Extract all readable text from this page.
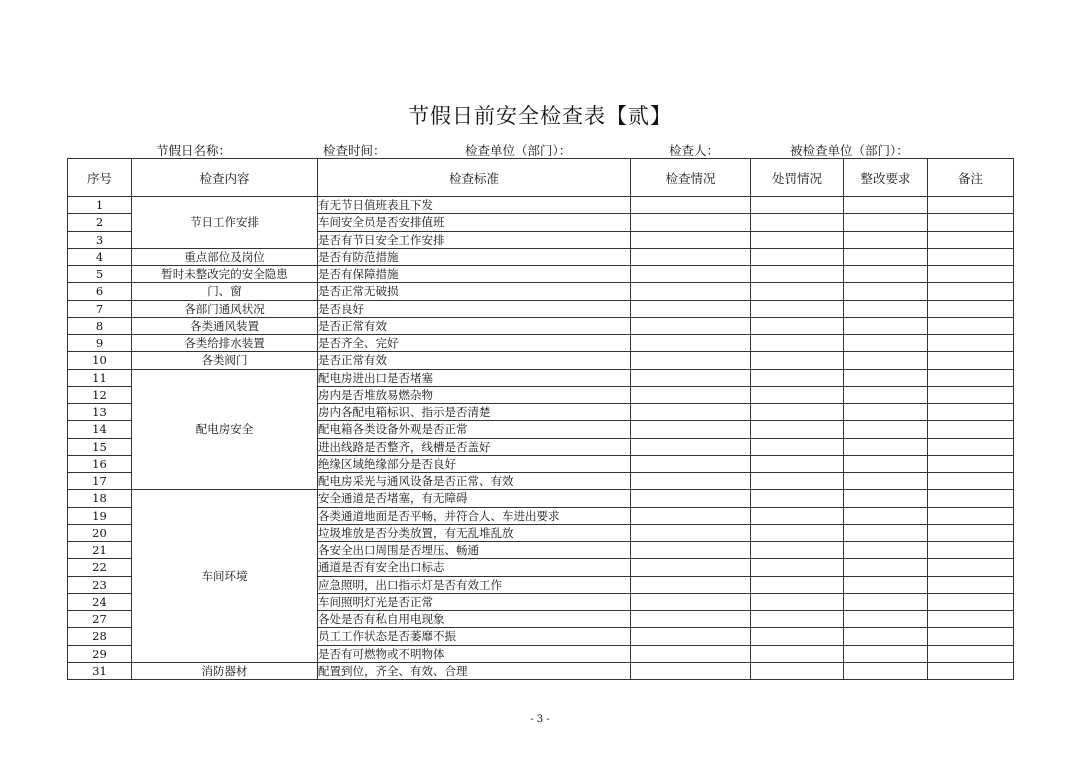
节假日前安全检查表【贰】
节假日名称：	检查时间：	检查单位（部门）：	检查人：	被检查单位（部门）：
序号	检查内容	检查标准	检查情况	处罚情况	整改要求	备注
1	节日工作安排	有无节日值班表且下发				
2		车间安全员是否安排值班				
3		是否有节日安全工作安排				
4	重点部位及岗位	是否有防范措施				
5	暂时未整改完的安全隐患	是否有保障措施				
6	门、窗	是否正常无破损				
7	各部门通风状况	是否良好				
8	各类通风装置	是否正常有效				
9	各类给排水装置	是否齐全、完好				
10	各类阀门	是否正常有效				
11	配电房安全	配电房进出口是否堵塞				
12		房内是否堆放易燃杂物				
13		房内各配电箱标识、指示是否清楚				
14		配电箱各类设备外观是否正常				
15		进出线路是否整齐，线槽是否盖好				
16		绝缘区域绝缘部分是否良好				
17		配电房采光与通风设备是否正常、有效				
18	车间环境	安全通道是否堵塞，有无障碍				
19		各类通道地面是否平畅，并符合人、车进出要求				
20		垃圾堆放是否分类放置，有无乱堆乱放				
21		各安全出口周围是否埋压、畅通				
22		通道是否有安全出口标志				
23		应急照明，出口指示灯是否有效工作				
24		车间照明灯光是否正常				
27		各处是否有私自用电现象				
28		员工工作状态是否萎靡不振				
29		是否有可燃物或不明物体				
31	消防器材	配置到位，齐全、有效、合理				
- 3 -
